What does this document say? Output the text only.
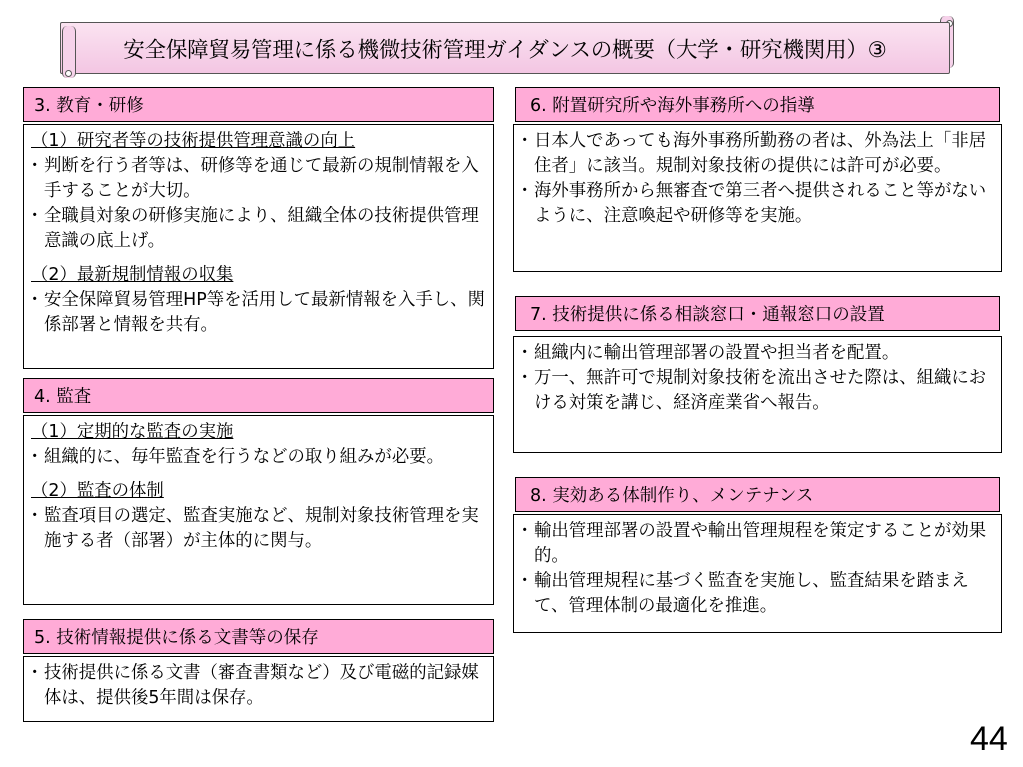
安全保障貿易管理に係る機微技術管理ガイダンスの概要（大学・研究機関用）③
3. 教育・研修
（1）研究者等の技術提供管理意識の向上
・ 判断を行う者等は、研修等を通じて最新の規制情報を入手することが大切。
・ 全職員対象の研修実施により、組織全体の技術提供管理意識の底上げ。
（2）最新規制情報の収集
・ 安全保障貿易管理HP等を活用して最新情報を入手し、関係部署と情報を共有。
4. 監査
（1）定期的な監査の実施
・ 組織的に、毎年監査を行うなどの取り組みが必要。
（2）監査の体制
・ 監査項目の選定、監査実施など、規制対象技術管理を実施する者（部署）が主体的に関与。
5. 技術情報提供に係る文書等の保存
・ 技術提供に係る文書（審査書類など）及び電磁的記録媒体は、提供後5年間は保存。
6. 附置研究所や海外事務所への指導
・ 日本人であっても海外事務所勤務の者は、外為法上「非居住者」に該当。規制対象技術の提供には許可が必要。
・ 海外事務所から無審査で第三者へ提供されること等がないように、注意喚起や研修等を実施。
7. 技術提供に係る相談窓口・通報窓口の設置
・ 組織内に輸出管理部署の設置や担当者を配置。
・ 万一、無許可で規制対象技術を流出させた際は、組織における対策を講じ、経済産業省へ報告。
8. 実効ある体制作り、メンテナンス
・ 輸出管理部署の設置や輸出管理規程を策定することが効果的。
・ 輸出管理規程に基づく監査を実施し、監査結果を踏まえて、管理体制の最適化を推進。
44
